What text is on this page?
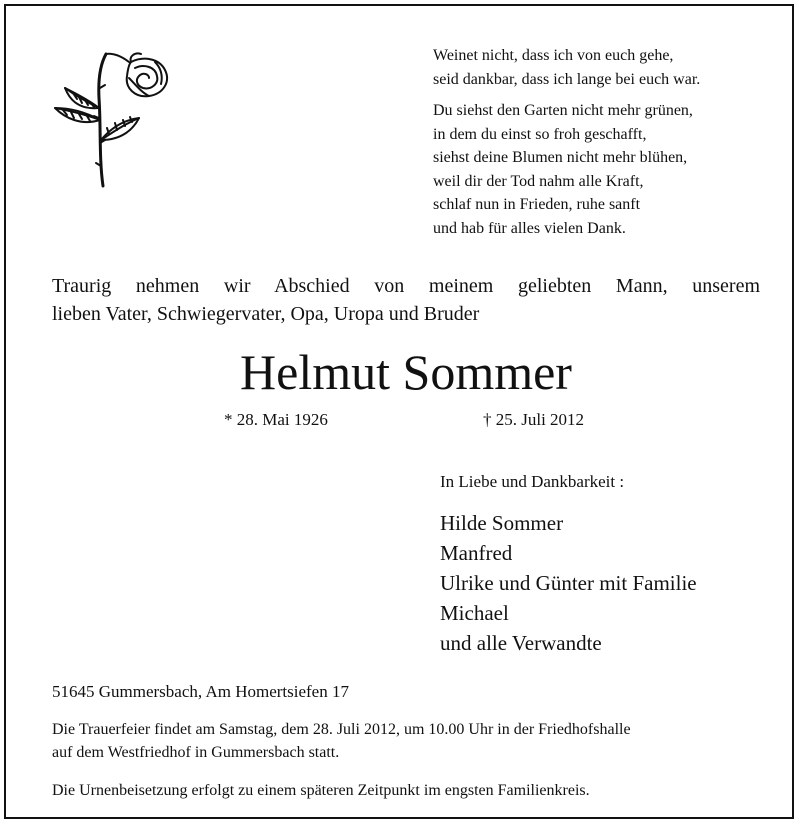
Weinet nicht, dass ich von euch gehe,
seid dankbar, dass ich lange bei euch war.
Du siehst den Garten nicht mehr grünen,
in dem du einst so froh geschafft,
siehst deine Blumen nicht mehr blühen,
weil dir der Tod nahm alle Kraft,
schlaf nun in Frieden, ruhe sanft
und hab für alles vielen Dank.
Traurig nehmen wir Abschied von meinem geliebten Mann, unserem
lieben Vater, Schwiegervater, Opa, Uropa und Bruder
Helmut Sommer
* 28. Mai 1926	† 25. Juli 2012
In Liebe und Dankbarkeit :
Hilde Sommer
Manfred
Ulrike und Günter mit Familie
Michael
und alle Verwandte
51645 Gummersbach, Am Homertsiefen 17
Die Trauerfeier findet am Samstag, dem 28. Juli 2012, um 10.00 Uhr in der Friedhofshalle
auf dem Westfriedhof in Gummersbach statt.
Die Urnenbeisetzung erfolgt zu einem späteren Zeitpunkt im engsten Familienkreis.
